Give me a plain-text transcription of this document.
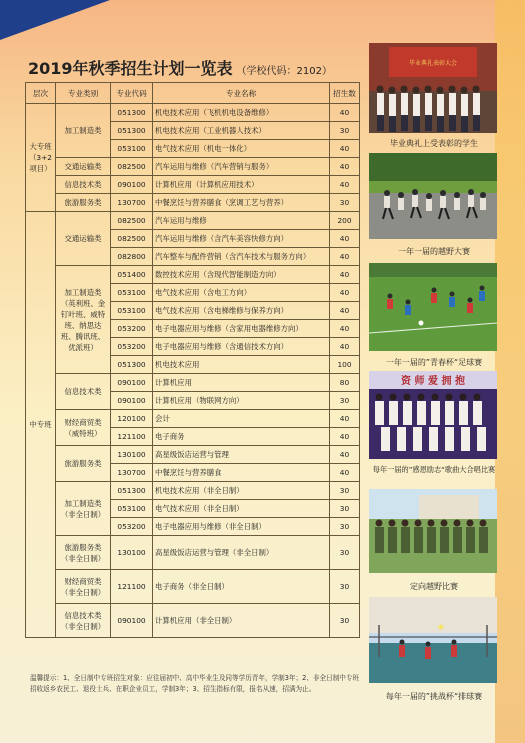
2019年秋季招生计划一览表 （学校代码：2102）
层次	专业类别	专业代码	专业名称	招生数
大专班（3+2项目）	加工制造类	051300	机电技术应用（飞机机电设备维修）	40
		051300	机电技术应用（工业机器人技术）	30
		053100	电气技术应用（机电一体化）	40
	交通运输类	082500	汽车运用与维修（汽车营销与服务）	40
	信息技术类	090100	计算机应用（计算机应用技术）	40
	旅游服务类	130700	中餐烹饪与营养膳食（烹调工艺与营养）	30
中专班	交通运输类	082500	汽车运用与维修	200
		082500	汽车运用与维修（含汽车美容快修方向）	40
		082800	汽车整车与配件营销（含汽车技术与服务方向）	40
	加工制造类（英利班、金钉叶班、威特班、纳思达班、腾讯班、优派班）	051400	数控技术应用（含现代智能制造方向）	40
		053100	电气技术应用（含电工方向）	40
		053100	电气技术应用（含电梯维修与保养方向）	40
		053200	电子电器应用与维修（含家用电器维修方向）	40
		053200	电子电器应用与维修（含通信技术方向）	40
		051300	机电技术应用	100
	信息技术类	090100	计算机应用	80
		090100	计算机应用（物联网方向）	30
	财经商贸类（威特班）	120100	会计	40
		121100	电子商务	40
	旅游服务类	130100	高星级饭店运营与管理	40
		130700	中餐烹饪与营养膳食	40
	加工制造类（非全日制）	051300	机电技术应用（非全日制）	30
		053100	电气技术应用（非全日制）	30
		053200	电子电器应用与维修（非全日制）	30
	旅游服务类（非全日制）	130100	高星级饭店运营与管理（非全日制）	30
	财经商贸类（非全日制）	121100	电子商务（非全日制）	30
	信息技术类（非全日制）	090100	计算机应用（非全日制）	30
温馨提示：1、全日制中专班招生对象：应往届初中、高中毕业生及同等学历青年，学制3年；2、非全日制中专班招收返乡农民工、退役士兵、在职企业员工，学制3年；3、招生指标有限，报名从速，招满为止。
毕业典礼表彰大会
毕业典礼上受表彰的学生
一年一届的越野大赛
一年一届的”青春杯“足球赛
资 师 爱 拥 抱
每年一届的”感恩励志“歌曲大合唱比赛
定向越野比赛
每年一届的”挑战杯“排球赛
